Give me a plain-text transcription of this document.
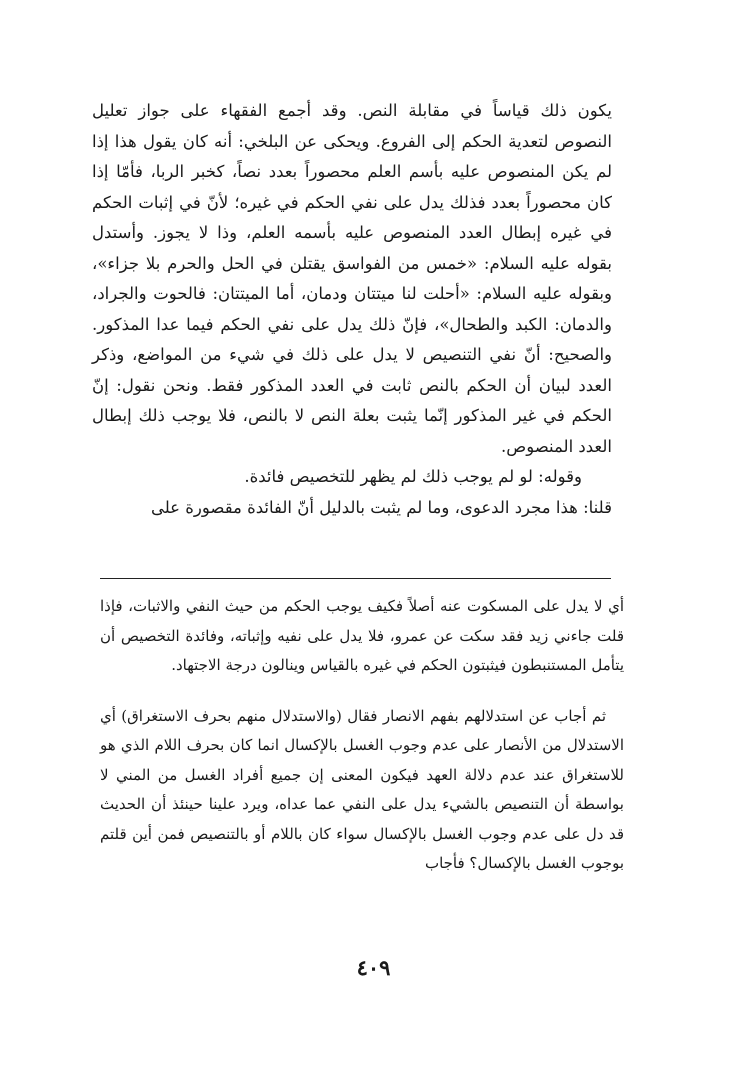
يكون ذلك قياساً في مقابلة النص. وقد أجمع الفقهاء على جواز تعليل النصوص لتعدية الحكم إلى الفروع. ويحكى عن البلخي: أنه كان يقول هذا إذا لم يكن المنصوص عليه بأسم العلم محصوراً بعدد نصاً، كخبر الربا، فأمّا إذا كان محصوراً بعدد فذلك يدل على نفي الحكم في غيره؛ لأنّ في إثبات الحكم في غيره إبطال العدد المنصوص عليه بأسمه العلم، وذا لا يجوز. وأستدل بقوله عليه السلام: «خمس من الفواسق يقتلن في الحل والحرم بلا جزاء»، وبقوله عليه السلام: «أحلت لنا ميتتان ودمان، أما الميتتان: فالحوت والجراد، والدمان: الكبد والطحال»، فإنّ ذلك يدل على نفي الحكم فيما عدا المذكور. والصحيح: أنّ نفي التنصيص لا يدل على ذلك في شيء من المواضع، وذكر العدد لبيان أن الحكم بالنص ثابت في العدد المذكور فقط. ونحن نقول: إنّ الحكم في غير المذكور إنّما يثبت بعلة النص لا بالنص، فلا يوجب ذلك إبطال العدد المنصوص.

وقوله: لو لم يوجب ذلك لم يظهر للتخصيص فائدة.

قلنا: هذا مجرد الدعوى، وما لم يثبت بالدليل أنّ الفائدة مقصورة على

أي لا يدل على المسكوت عنه أصلاً فكيف يوجب الحكم من حيث النفي والاثبات، فإذا قلت جاءني زيد فقد سكت عن عمرو، فلا يدل على نفيه وإثباته، وفائدة التخصيص أن يتأمل المستنبطون فيثبتون الحكم في غيره بالقياس وينالون درجة الاجتهاد.

ثم أجاب عن استدلالهم بفهم الانصار فقال (والاستدلال منهم بحرف الاستغراق) أي الاستدلال من الأنصار على عدم وجوب الغسل بالإكسال انما كان بحرف اللام الذي هو للاستغراق عند عدم دلالة العهد فيكون المعنى إن جميع أفراد الغسل من المني لا بواسطة أن التنصيص بالشيء يدل على النفي عما عداه، ويرد علينا حينئذ أن الحديث قد دل على عدم وجوب الغسل بالإكسال سواء كان باللام أو بالتنصيص فمن أين قلتم بوجوب الغسل بالإكسال؟ فأجاب

٤٠٩
